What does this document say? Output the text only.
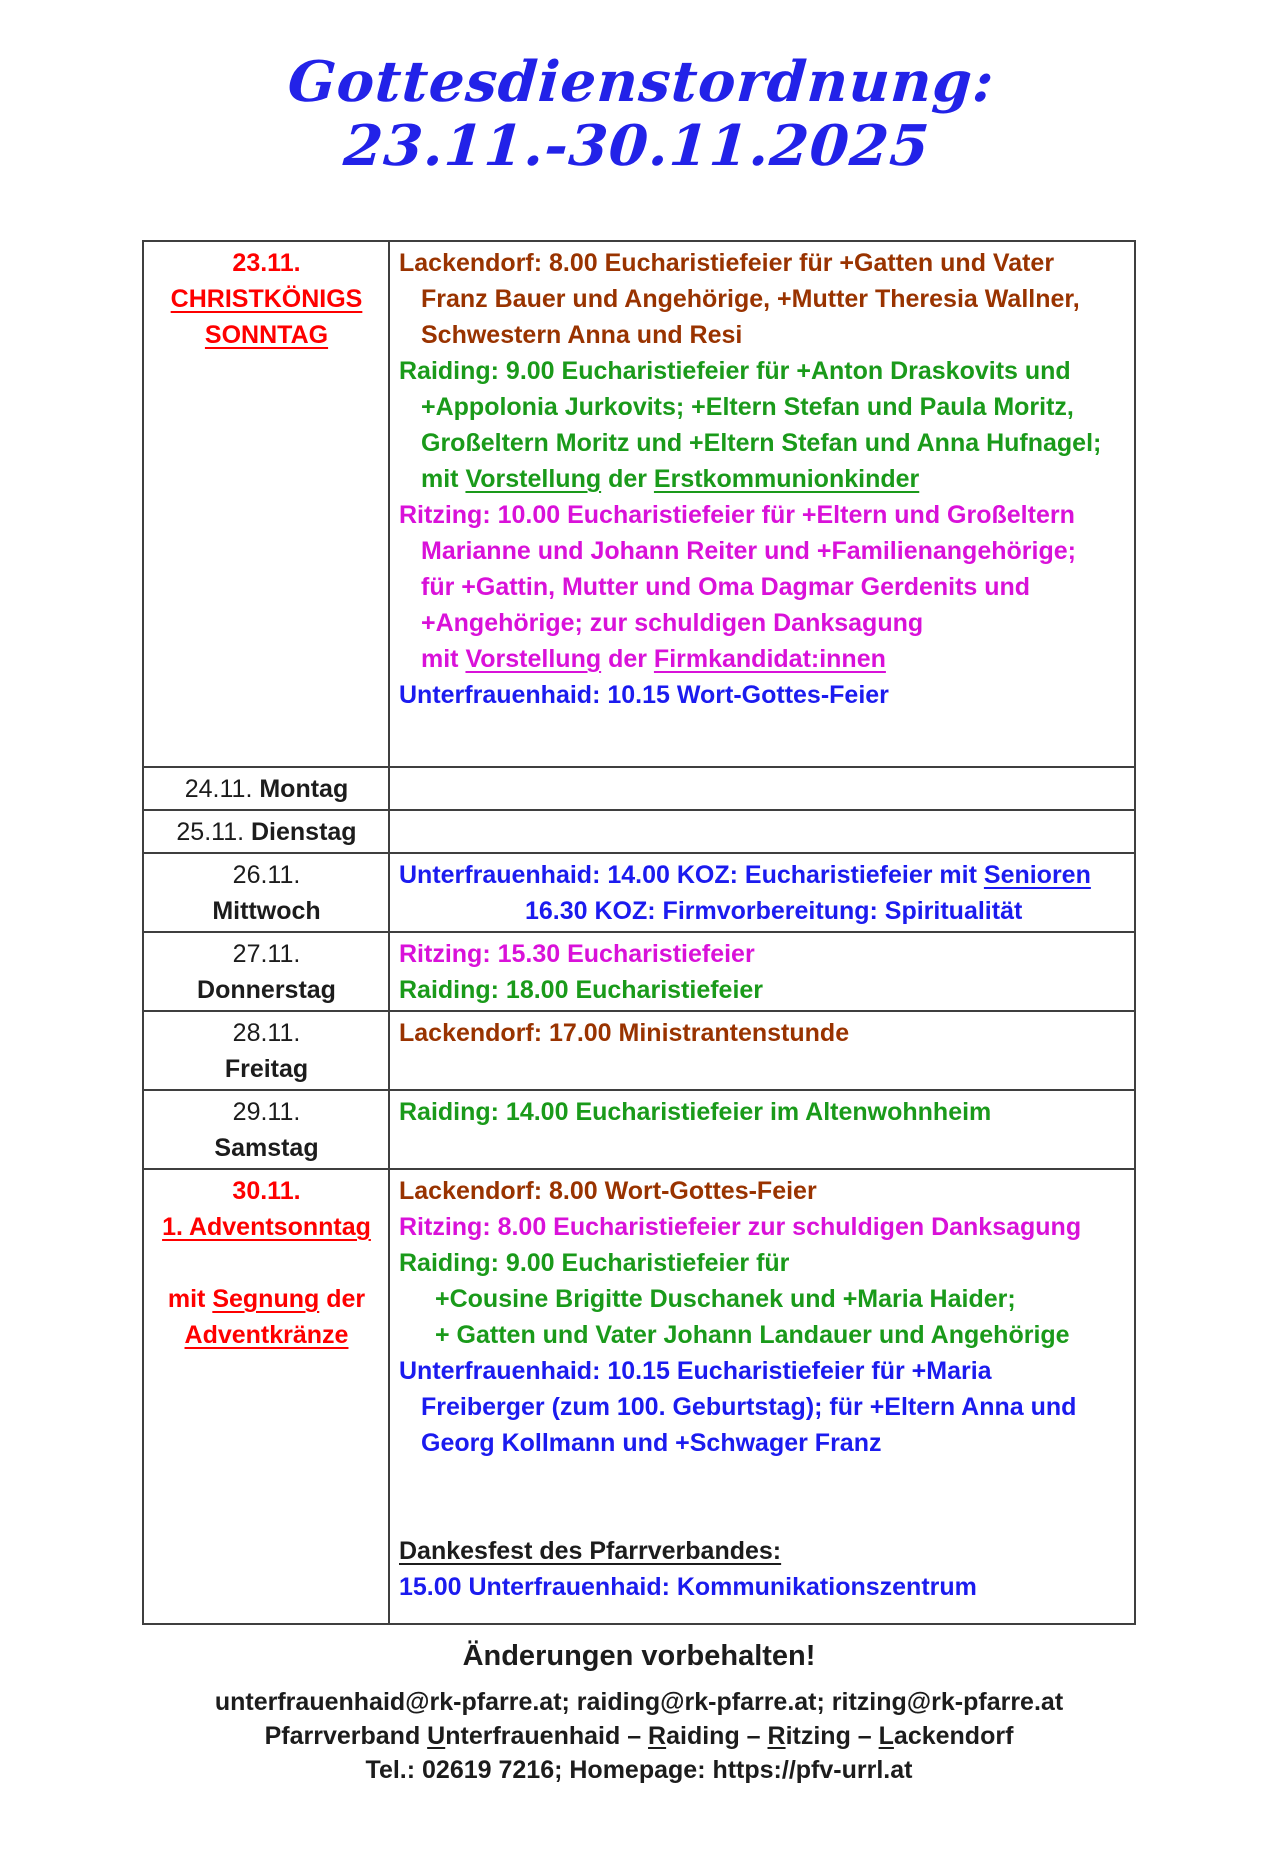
Gottesdienstordnung: 23.11.-30.11.2025
23.11.
CHRISTKÖNIGS
SONNTAG
Lackendorf: 8.00 Eucharistiefeier für +Gatten und Vater
Franz Bauer und Angehörige, +Mutter Theresia Wallner,
Schwestern Anna und Resi
Raiding: 9.00 Eucharistiefeier für +Anton Draskovits und
+Appolonia Jurkovits; +Eltern Stefan und Paula Moritz,
Großeltern Moritz und +Eltern Stefan und Anna Hufnagel;
mit Vorstellung der Erstkommunionkinder
Ritzing: 10.00 Eucharistiefeier für +Eltern und Großeltern
Marianne und Johann Reiter und +Familienangehörige;
für +Gattin, Mutter und Oma Dagmar Gerdenits und
+Angehörige; zur schuldigen Danksagung
mit Vorstellung der Firmkandidat:innen
Unterfrauenhaid: 10.15 Wort-Gottes-Feier
24.11. Montag
25.11. Dienstag
26.11.
Mittwoch
Unterfrauenhaid: 14.00 KOZ: Eucharistiefeier mit Senioren
16.30 KOZ: Firmvorbereitung: Spiritualität
27.11.
Donnerstag
Ritzing: 15.30 Eucharistiefeier
Raiding: 18.00 Eucharistiefeier
28.11.
Freitag
Lackendorf: 17.00 Ministrantenstunde
29.11.
Samstag
Raiding: 14.00 Eucharistiefeier im Altenwohnheim
30.11.
1. Adventsonntag

mit Segnung der
Adventkränze
Lackendorf: 8.00 Wort-Gottes-Feier
Ritzing: 8.00 Eucharistiefeier zur schuldigen Danksagung
Raiding: 9.00 Eucharistiefeier für
+Cousine Brigitte Duschanek und +Maria Haider;
+ Gatten und Vater Johann Landauer und Angehörige
Unterfrauenhaid: 10.15 Eucharistiefeier für +Maria
Freiberger (zum 100. Geburtstag); für +Eltern Anna und
Georg Kollmann und +Schwager Franz

Dankesfest des Pfarrverbandes:
15.00 Unterfrauenhaid: Kommunikationszentrum
Änderungen vorbehalten!
unterfrauenhaid@rk-pfarre.at; raiding@rk-pfarre.at; ritzing@rk-pfarre.at
Pfarrverband Unterfrauenhaid – Raiding – Ritzing – Lackendorf
Tel.: 02619 7216; Homepage: https://pfv-urrl.at
